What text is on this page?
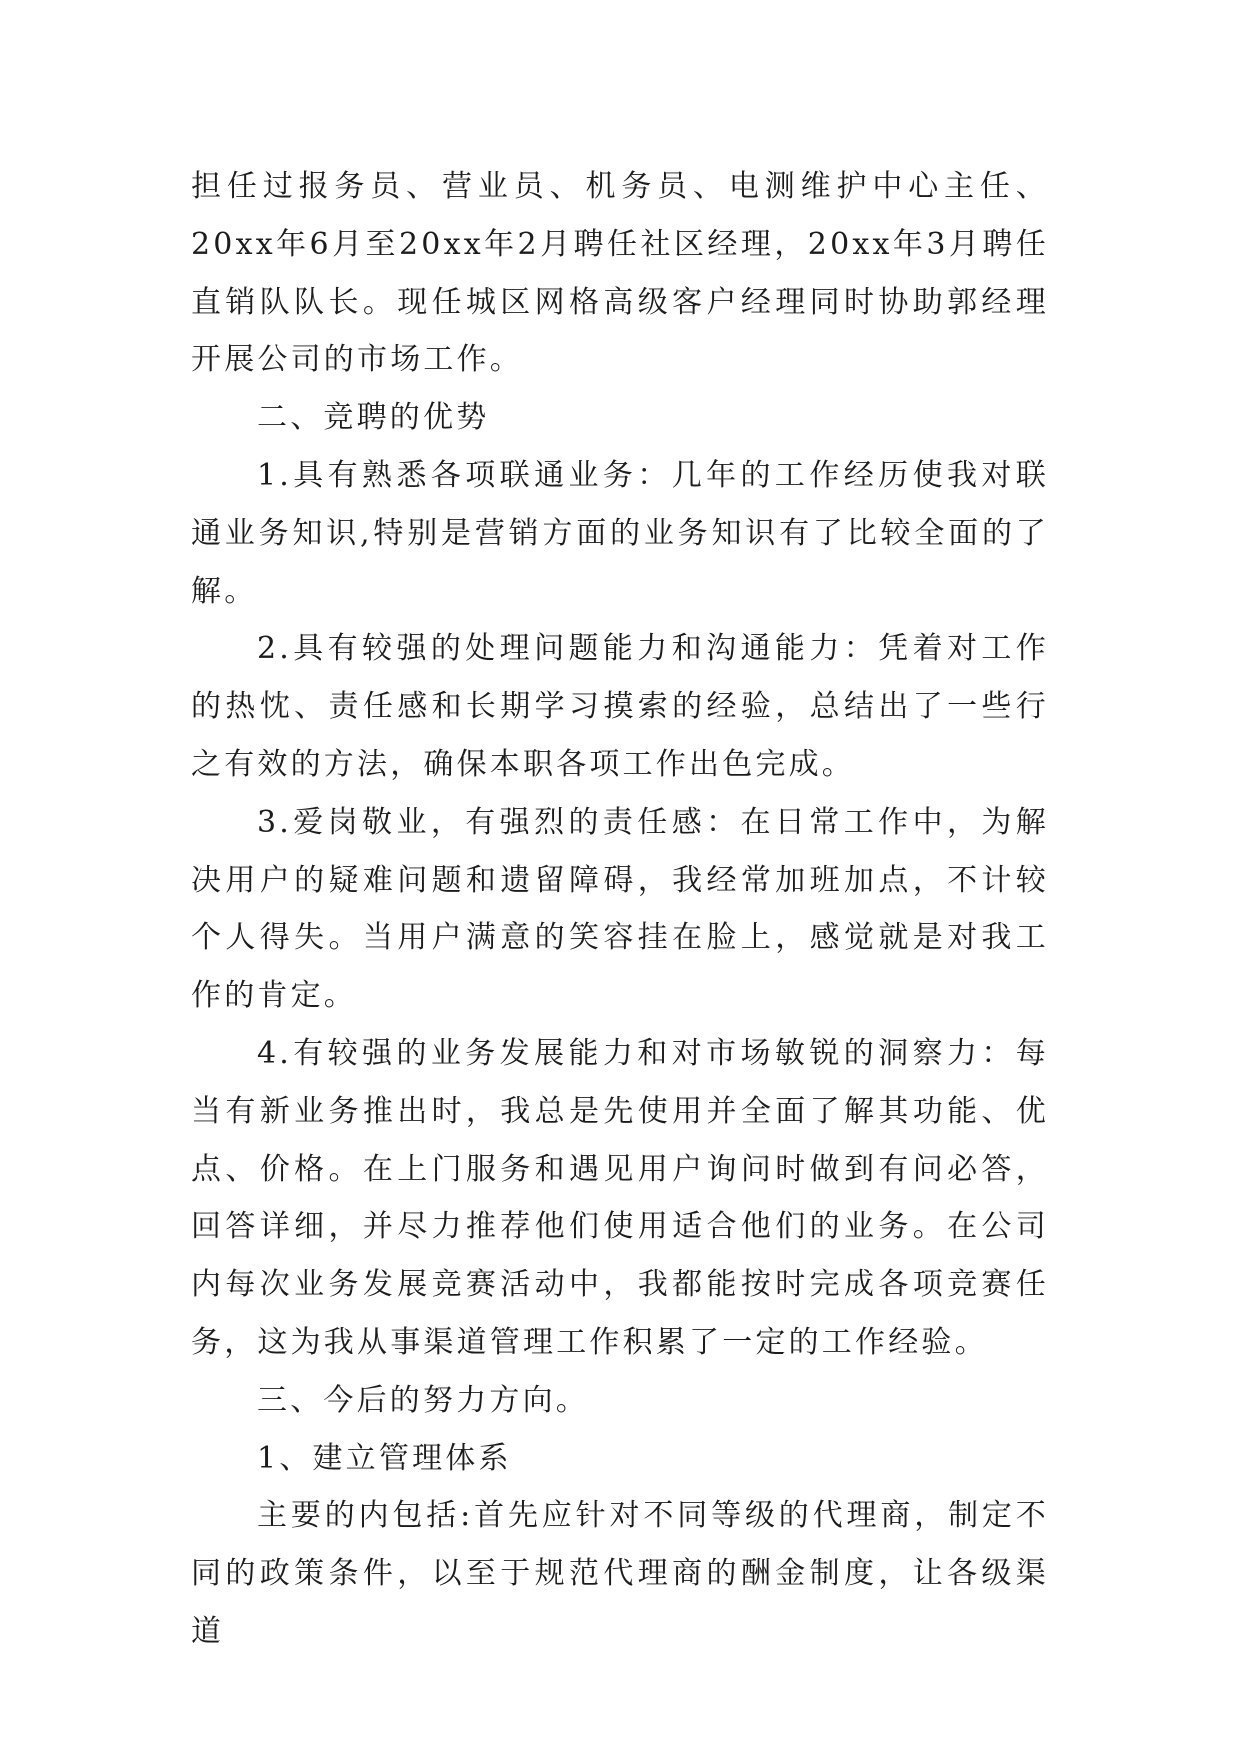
担任过报务员、营业员、机务员、电测维护中心主任、20xx年6月至20xx年2月聘任社区经理，20xx年3月聘任直销队队长。现任城区网格高级客户经理同时协助郭经理开展公司的市场工作。

二、竞聘的优势

1.具有熟悉各项联通业务：几年的工作经历使我对联通业务知识,特别是营销方面的业务知识有了比较全面的了解。

2.具有较强的处理问题能力和沟通能力：凭着对工作的热忱、责任感和长期学习摸索的经验，总结出了一些行之有效的方法，确保本职各项工作出色完成。

3.爱岗敬业，有强烈的责任感：在日常工作中，为解决用户的疑难问题和遗留障碍，我经常加班加点，不计较个人得失。当用户满意的笑容挂在脸上，感觉就是对我工作的肯定。

4.有较强的业务发展能力和对市场敏锐的洞察力：每当有新业务推出时，我总是先使用并全面了解其功能、优点、价格。在上门服务和遇见用户询问时做到有问必答，回答详细，并尽力推荐他们使用适合他们的业务。在公司内每次业务发展竞赛活动中，我都能按时完成各项竞赛任务，这为我从事渠道管理工作积累了一定的工作经验。

三、今后的努力方向。

1、建立管理体系

主要的内包括:首先应针对不同等级的代理商，制定不同的政策条件，以至于规范代理商的酬金制度，让各级渠道
